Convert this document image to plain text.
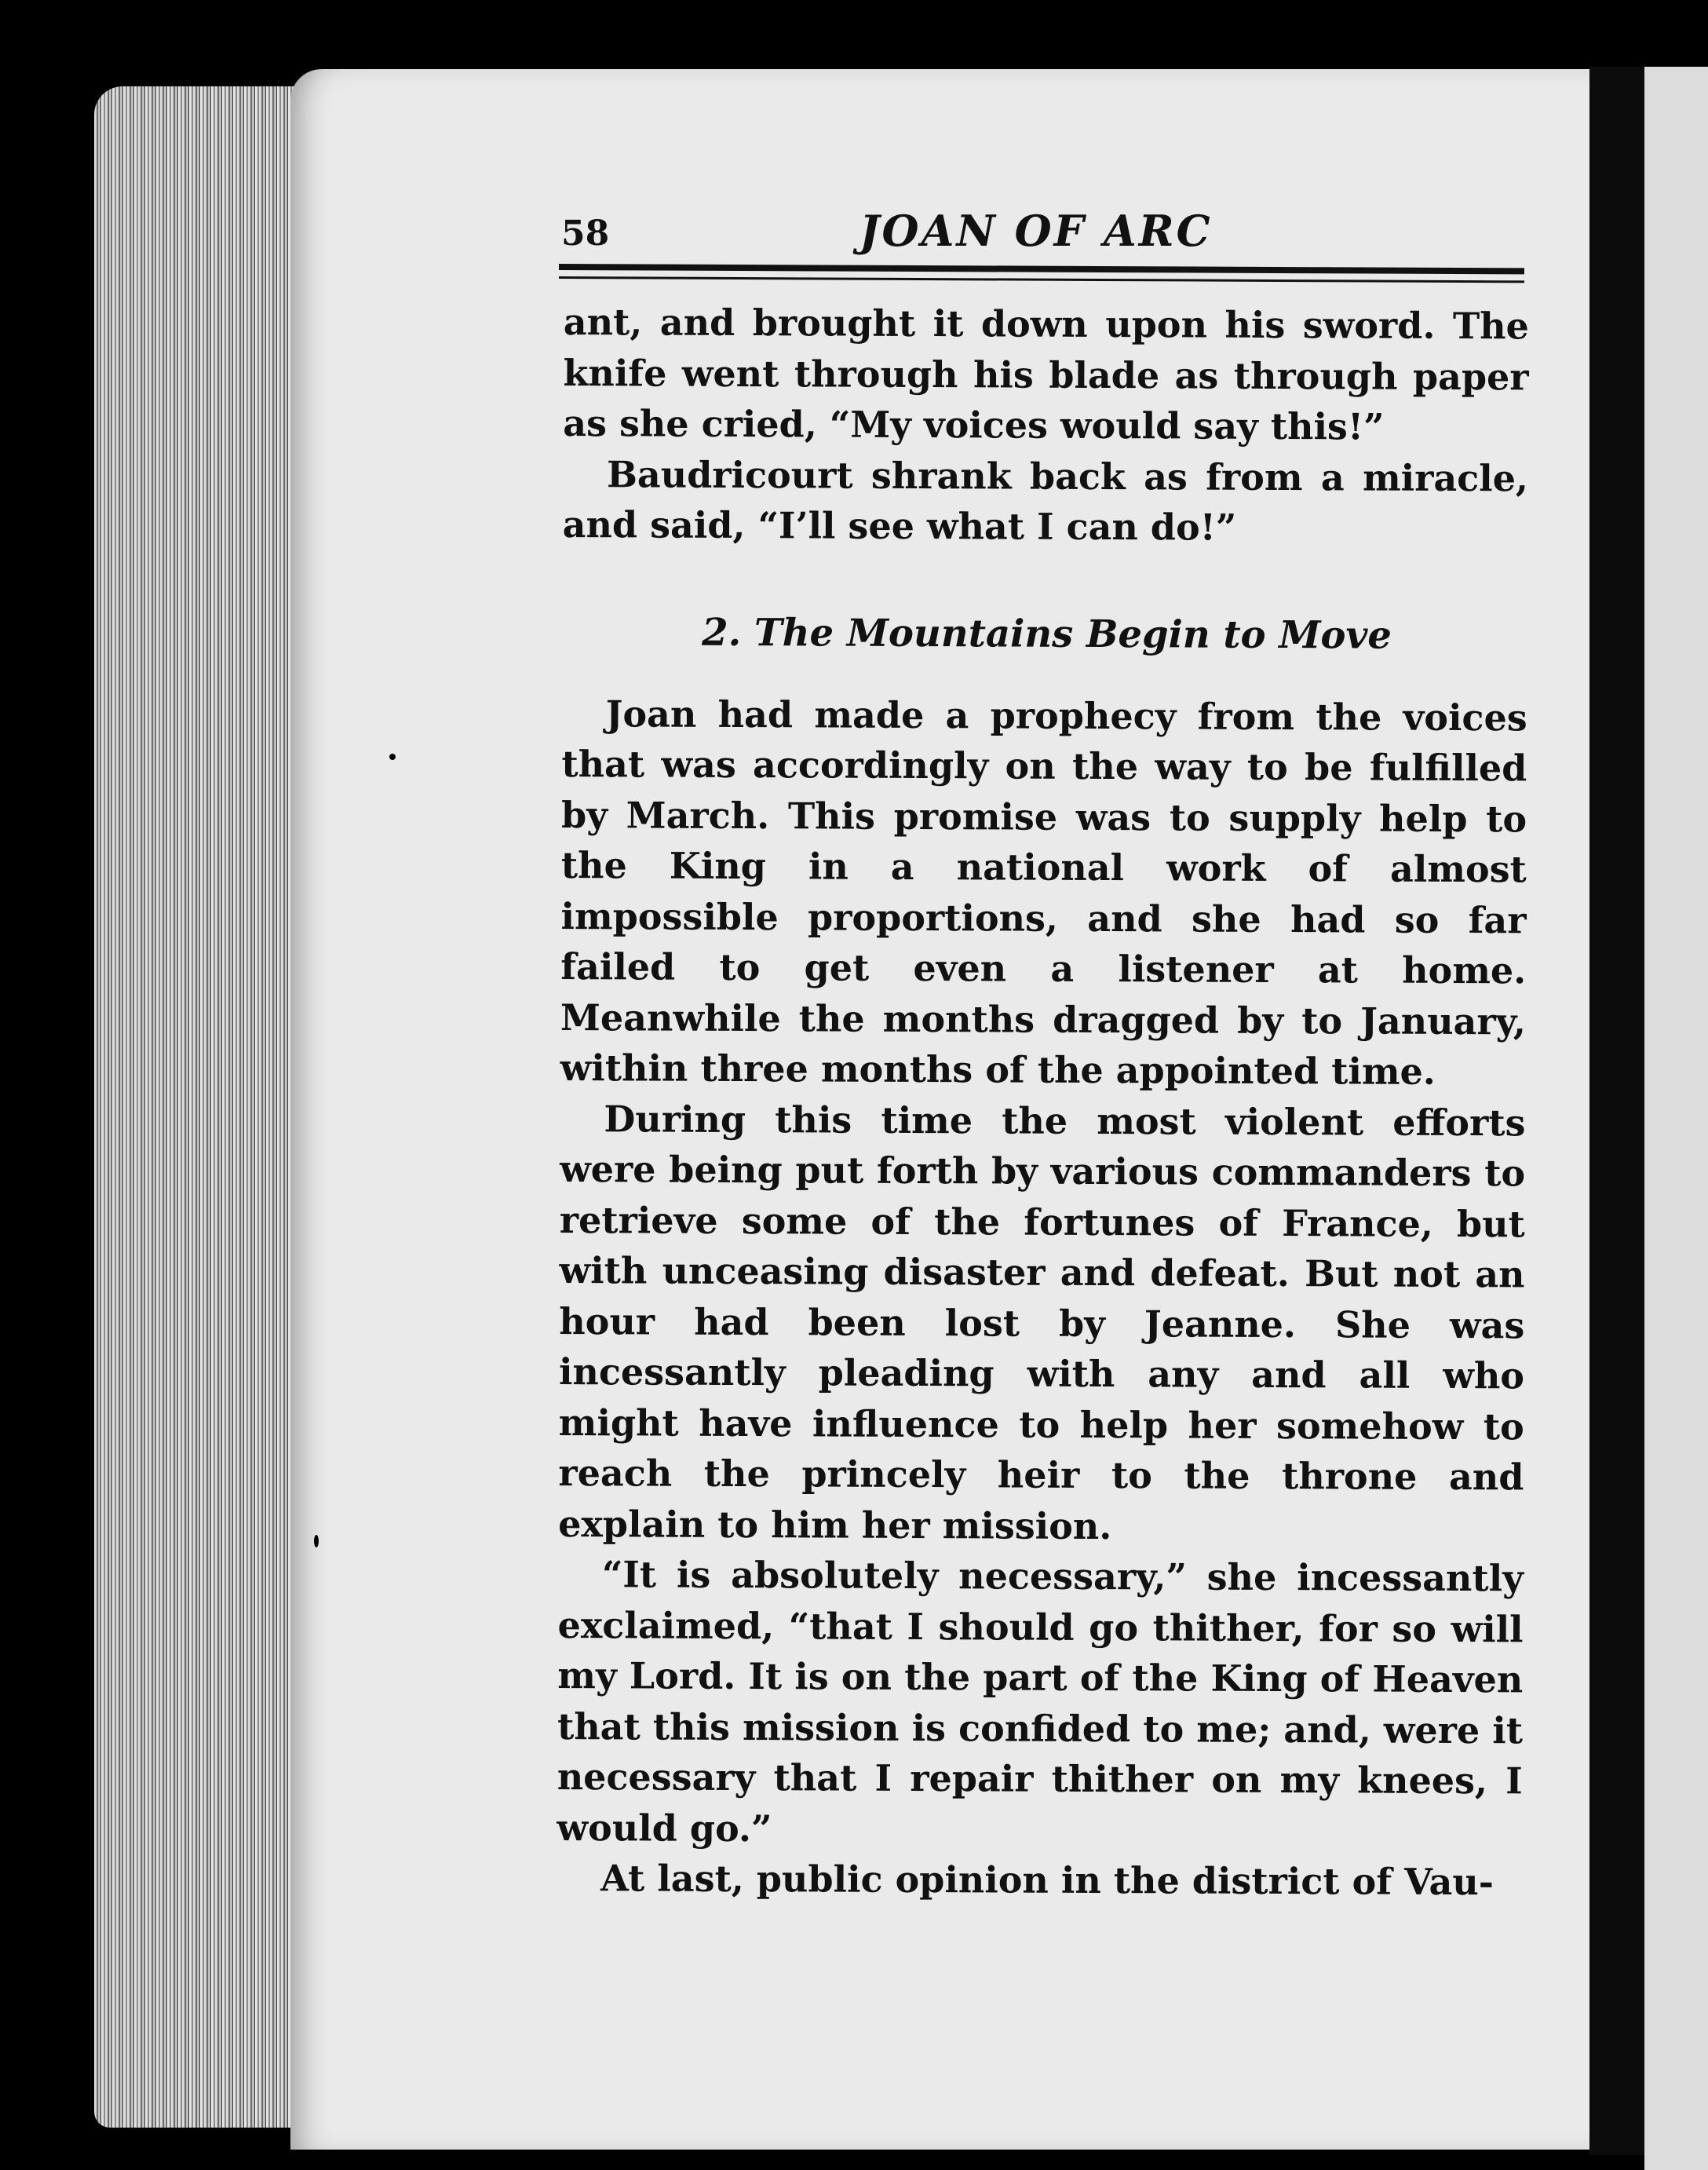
58	JOAN OF ARC

ant, and brought it down upon his sword. The knife went through his blade as through paper as she cried, “My voices would say this!”

Baudricourt shrank back as from a miracle, and said, “I’ll see what I can do!”

2. The Mountains Begin to Move

Joan had made a prophecy from the voices that was accordingly on the way to be fulfilled by March. This promise was to supply help to the King in a national work of almost impossible proportions, and she had so far failed to get even a listener at home. Meanwhile the months dragged by to January, within three months of the appointed time.

During this time the most violent efforts were being put forth by various commanders to retrieve some of the fortunes of France, but with unceasing disaster and defeat. But not an hour had been lost by Jeanne. She was incessantly pleading with any and all who might have influence to help her somehow to reach the princely heir to the throne and explain to him her mission.

“It is absolutely necessary,” she incessantly exclaimed, “that I should go thither, for so will my Lord. It is on the part of the King of Heaven that this mission is confided to me; and, were it necessary that I repair thither on my knees, I would go.”

At last, public opinion in the district of Vau-
